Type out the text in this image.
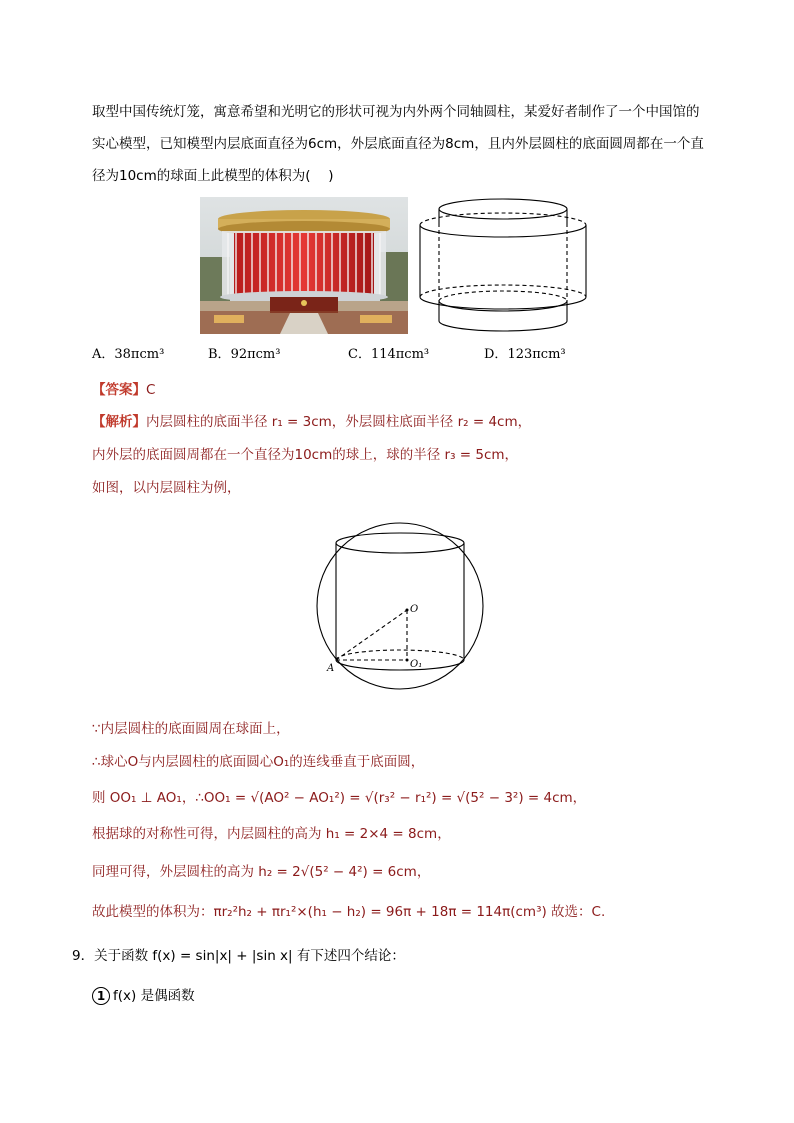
取型中国传统灯笼，寓意希望和光明它的形状可视为内外两个同轴圆柱，某爱好者制作了一个中国馆的
实心模型，已知模型内层底面直径为6cm，外层底面直径为8cm，且内外层圆柱的底面圆周都在一个直
径为10cm的球面上此模型的体积为(　 )
A．38πcm³	B．92πcm³	C．114πcm³	D．123πcm³
【答案】C
【解析】内层圆柱的底面半径 r₁ = 3cm，外层圆柱底面半径 r₂ = 4cm，
内外层的底面圆周都在一个直径为10cm的球上，球的半径 r₃ = 5cm，
如图，以内层圆柱为例，
O
O₁
A
∵内层圆柱的底面圆周在球面上，
∴球心O与内层圆柱的底面圆心O₁的连线垂直于底面圆，
则 OO₁ ⊥ AO₁，∴OO₁ = √(AO² − AO₁²) = √(r₃² − r₁²) = √(5² − 3²) = 4cm，
根据球的对称性可得，内层圆柱的高为 h₁ = 2×4 = 8cm，
同理可得，外层圆柱的高为 h₂ = 2√(5² − 4²) = 6cm，
故此模型的体积为：πr₂²h₂ + πr₁²×(h₁ − h₂) = 96π + 18π = 114π(cm³) 故选：C.
9．关于函数 f(x) = sin|x| + |sin x| 有下述四个结论：
1 f(x) 是偶函数
